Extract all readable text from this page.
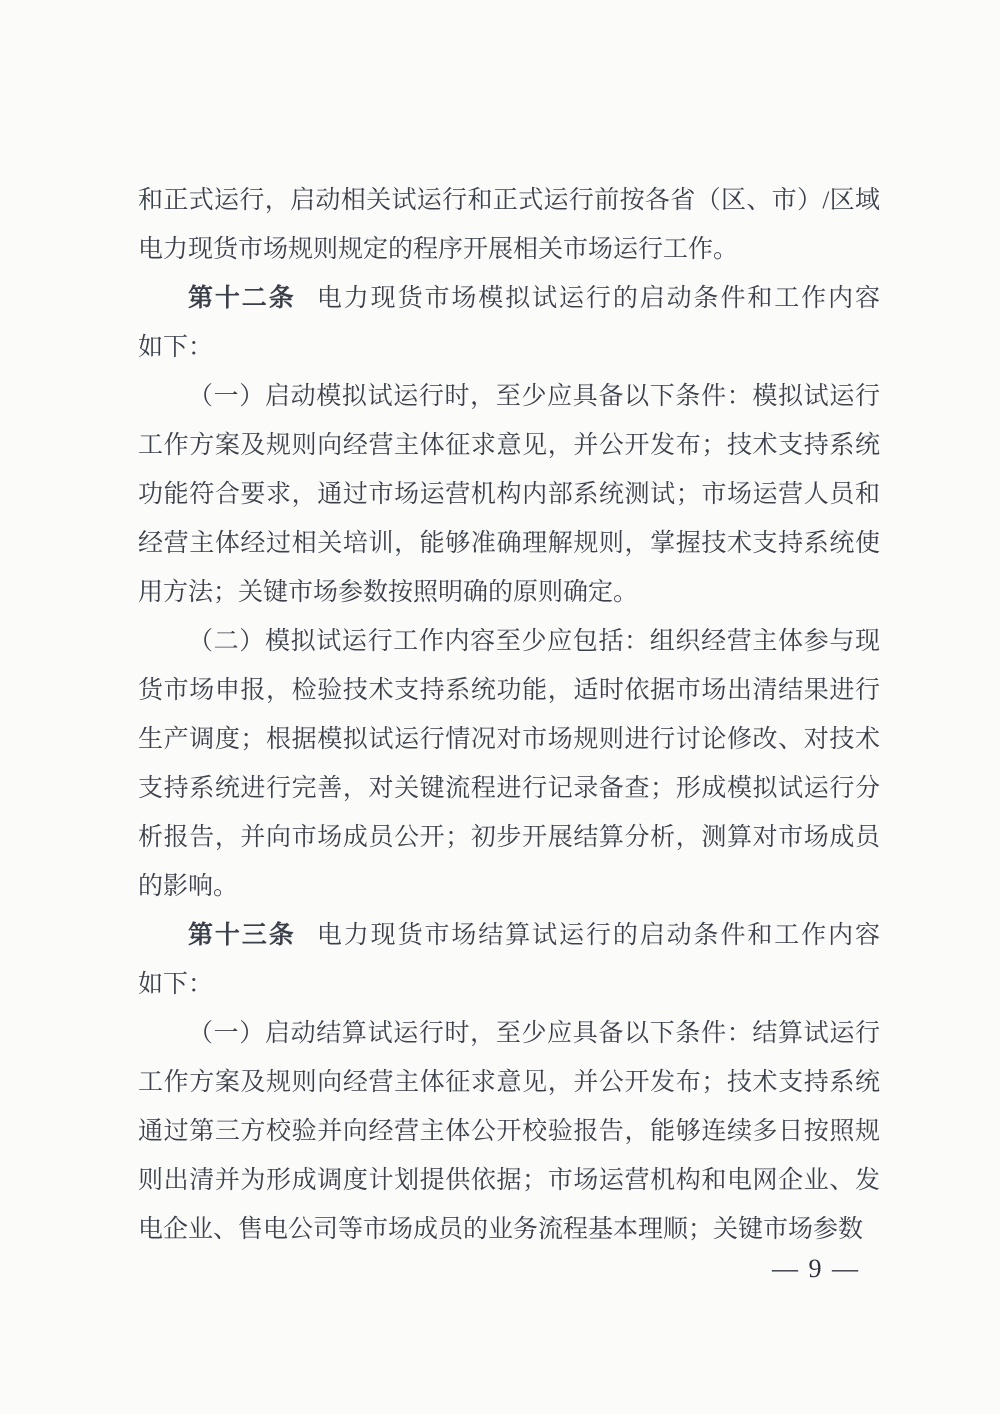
和正式运行，启动相关试运行和正式运行前按各省（区、市）/区域
电力现货市场规则规定的程序开展相关市场运行工作。
第十二条 电力现货市场模拟试运行的启动条件和工作内容
如下：
（一）启动模拟试运行时，至少应具备以下条件：模拟试运行
工作方案及规则向经营主体征求意见，并公开发布；技术支持系统
功能符合要求，通过市场运营机构内部系统测试；市场运营人员和
经营主体经过相关培训，能够准确理解规则，掌握技术支持系统使
用方法；关键市场参数按照明确的原则确定。
（二）模拟试运行工作内容至少应包括：组织经营主体参与现
货市场申报，检验技术支持系统功能，适时依据市场出清结果进行
生产调度；根据模拟试运行情况对市场规则进行讨论修改、对技术
支持系统进行完善，对关键流程进行记录备查；形成模拟试运行分
析报告，并向市场成员公开；初步开展结算分析，测算对市场成员
的影响。
第十三条 电力现货市场结算试运行的启动条件和工作内容
如下：
（一）启动结算试运行时，至少应具备以下条件：结算试运行
工作方案及规则向经营主体征求意见，并公开发布；技术支持系统
通过第三方校验并向经营主体公开校验报告，能够连续多日按照规
则出清并为形成调度计划提供依据；市场运营机构和电网企业、发
电企业、售电公司等市场成员的业务流程基本理顺；关键市场参数
— 9 —
